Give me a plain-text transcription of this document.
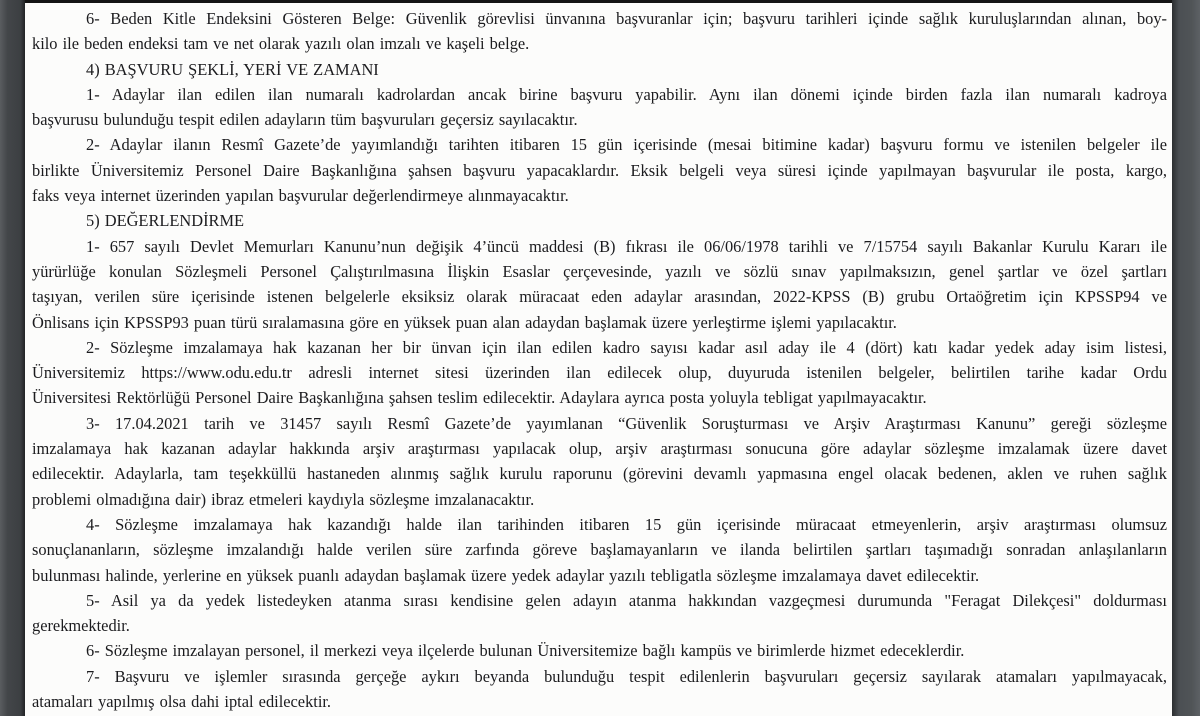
6- Beden Kitle Endeksini Gösteren Belge: Güvenlik görevlisi ünvanına başvuranlar için; başvuru tarihleri içinde sağlık kuruluşlarından alınan, boy-
kilo ile beden endeksi tam ve net olarak yazılı olan imzalı ve kaşeli belge.

4) BAŞVURU ŞEKLİ, YERİ VE ZAMANI

1- Adaylar ilan edilen ilan numaralı kadrolardan ancak birine başvuru yapabilir. Aynı ilan dönemi içinde birden fazla ilan numaralı kadroya
başvurusu bulunduğu tespit edilen adayların tüm başvuruları geçersiz sayılacaktır.

2- Adaylar ilanın Resmî Gazete’de yayımlandığı tarihten itibaren 15 gün içerisinde (mesai bitimine kadar) başvuru formu ve istenilen belgeler ile
birlikte Üniversitemiz Personel Daire Başkanlığına şahsen başvuru yapacaklardır. Eksik belgeli veya süresi içinde yapılmayan başvurular ile posta, kargo,
faks veya internet üzerinden yapılan başvurular değerlendirmeye alınmayacaktır.

5) DEĞERLENDİRME

1- 657 sayılı Devlet Memurları Kanunu’nun değişik 4’üncü maddesi (B) fıkrası ile 06/06/1978 tarihli ve 7/15754 sayılı Bakanlar Kurulu Kararı ile
yürürlüğe konulan Sözleşmeli Personel Çalıştırılmasına İlişkin Esaslar çerçevesinde, yazılı ve sözlü sınav yapılmaksızın, genel şartlar ve özel şartları
taşıyan, verilen süre içerisinde istenen belgelerle eksiksiz olarak müracaat eden adaylar arasından, 2022-KPSS (B) grubu Ortaöğretim için KPSSP94 ve
Önlisans için KPSSP93 puan türü sıralamasına göre en yüksek puan alan adaydan başlamak üzere yerleştirme işlemi yapılacaktır.

2- Sözleşme imzalamaya hak kazanan her bir ünvan için ilan edilen kadro sayısı kadar asıl aday ile 4 (dört) katı kadar yedek aday isim listesi,
Üniversitemiz https://www.odu.edu.tr adresli internet sitesi üzerinden ilan edilecek olup, duyuruda istenilen belgeler, belirtilen tarihe kadar Ordu
Üniversitesi Rektörlüğü Personel Daire Başkanlığına şahsen teslim edilecektir. Adaylara ayrıca posta yoluyla tebligat yapılmayacaktır.

3- 17.04.2021 tarih ve 31457 sayılı Resmî Gazete’de yayımlanan “Güvenlik Soruşturması ve Arşiv Araştırması Kanunu” gereği sözleşme
imzalamaya hak kazanan adaylar hakkında arşiv araştırması yapılacak olup, arşiv araştırması sonucuna göre adaylar sözleşme imzalamak üzere davet
edilecektir. Adaylarla, tam teşekküllü hastaneden alınmış sağlık kurulu raporunu (görevini devamlı yapmasına engel olacak bedenen, aklen ve ruhen sağlık
problemi olmadığına dair) ibraz etmeleri kaydıyla sözleşme imzalanacaktır.

4- Sözleşme imzalamaya hak kazandığı halde ilan tarihinden itibaren 15 gün içerisinde müracaat etmeyenlerin, arşiv araştırması olumsuz
sonuçlananların, sözleşme imzalandığı halde verilen süre zarfında göreve başlamayanların ve ilanda belirtilen şartları taşımadığı sonradan anlaşılanların
bulunması halinde, yerlerine en yüksek puanlı adaydan başlamak üzere yedek adaylar yazılı tebligatla sözleşme imzalamaya davet edilecektir.

5- Asil ya da yedek listedeyken atanma sırası kendisine gelen adayın atanma hakkından vazgeçmesi durumunda "Feragat Dilekçesi" doldurması
gerekmektedir.

6- Sözleşme imzalayan personel, il merkezi veya ilçelerde bulunan Üniversitemize bağlı kampüs ve birimlerde hizmet edeceklerdir.

7- Başvuru ve işlemler sırasında gerçeğe aykırı beyanda bulunduğu tespit edilenlerin başvuruları geçersiz sayılarak atamaları yapılmayacak,
atamaları yapılmış olsa dahi iptal edilecektir.
